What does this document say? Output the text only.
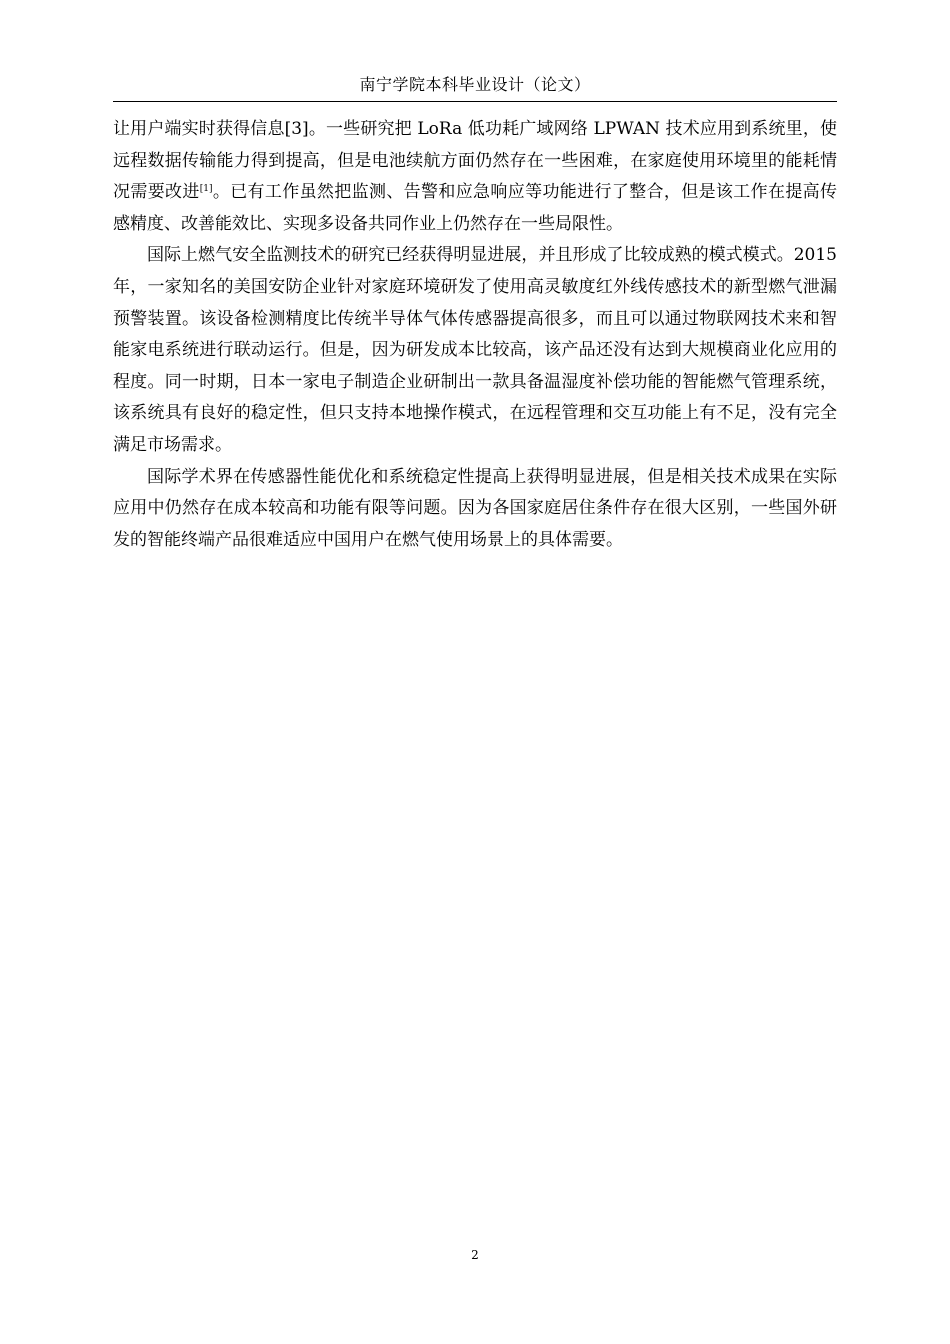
南宁学院本科毕业设计（论文）

让用户端实时获得信息[3]。一些研究把 LoRa 低功耗广域网络 LPWAN 技术应用到系统里，使远程数据传输能力得到提高，但是电池续航方面仍然存在一些困难，在家庭使用环境里的能耗情况需要改进[1]。已有工作虽然把监测、告警和应急响应等功能进行了整合，但是该工作在提高传感精度、改善能效比、实现多设备共同作业上仍然存在一些局限性。

国际上燃气安全监测技术的研究已经获得明显进展，并且形成了比较成熟的模式模式。2015 年，一家知名的美国安防企业针对家庭环境研发了使用高灵敏度红外线传感技术的新型燃气泄漏预警装置。该设备检测精度比传统半导体气体传感器提高很多，而且可以通过物联网技术来和智能家电系统进行联动运行。但是，因为研发成本比较高，该产品还没有达到大规模商业化应用的程度。同一时期，日本一家电子制造企业研制出一款具备温湿度补偿功能的智能燃气管理系统，该系统具有良好的稳定性，但只支持本地操作模式，在远程管理和交互功能上有不足，没有完全满足市场需求。

国际学术界在传感器性能优化和系统稳定性提高上获得明显进展，但是相关技术成果在实际应用中仍然存在成本较高和功能有限等问题。因为各国家庭居住条件存在很大区别，一些国外研发的智能终端产品很难适应中国用户在燃气使用场景上的具体需要。

2
